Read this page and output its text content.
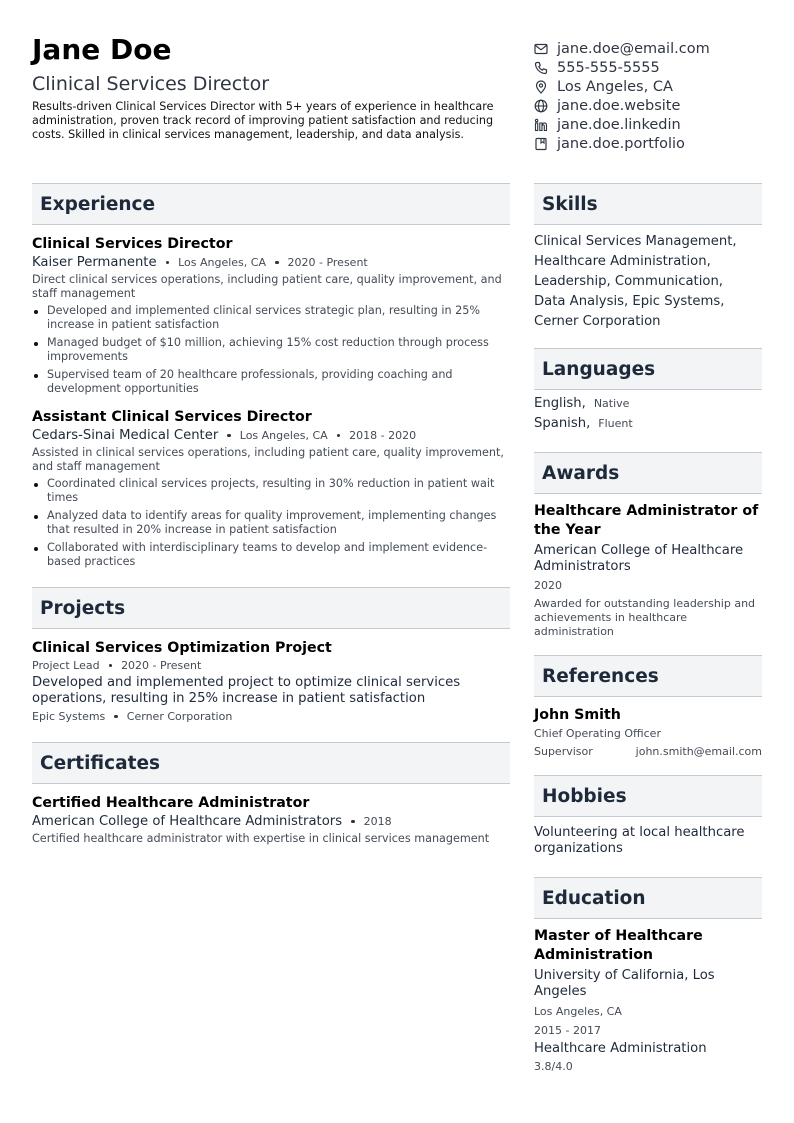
Jane Doe
Clinical Services Director
Results-driven Clinical Services Director with 5+ years of experience in healthcare administration, proven track record of improving patient satisfaction and reducing costs. Skilled in clinical services management, leadership, and data analysis.
jane.doe@email.com
555-555-5555
Los Angeles, CA
jane.doe.website
jane.doe.linkedin
jane.doe.portfolio
Experience
Clinical Services Director
Kaiser Permanente Los Angeles, CA 2020 - Present
Direct clinical services operations, including patient care, quality improvement, and staff management
Developed and implemented clinical services strategic plan, resulting in 25% increase in patient satisfaction
Managed budget of $10 million, achieving 15% cost reduction through process improvements
Supervised team of 20 healthcare professionals, providing coaching and development opportunities
Assistant Clinical Services Director
Cedars-Sinai Medical Center Los Angeles, CA 2018 - 2020
Assisted in clinical services operations, including patient care, quality improvement, and staff management
Coordinated clinical services projects, resulting in 30% reduction in patient wait times
Analyzed data to identify areas for quality improvement, implementing changes that resulted in 20% increase in patient satisfaction
Collaborated with interdisciplinary teams to develop and implement evidence-based practices
Projects
Clinical Services Optimization Project
Project Lead 2020 - Present
Developed and implemented project to optimize clinical services operations, resulting in 25% increase in patient satisfaction
Epic Systems Cerner Corporation
Certificates
Certified Healthcare Administrator
American College of Healthcare Administrators 2018
Certified healthcare administrator with expertise in clinical services management
Skills
Clinical Services Management,
Healthcare Administration,
Leadership, Communication,
Data Analysis, Epic Systems,
Cerner Corporation
Languages
English, Native
Spanish, Fluent
Awards
Healthcare Administrator of the Year
American College of Healthcare Administrators
2020
Awarded for outstanding leadership and achievements in healthcare administration
References
John Smith
Chief Operating Officer
Supervisor	john.smith@email.com
Hobbies
Volunteering at local healthcare organizations
Education
Master of Healthcare Administration
University of California, Los Angeles
Los Angeles, CA
2015 - 2017
Healthcare Administration
3.8/4.0
